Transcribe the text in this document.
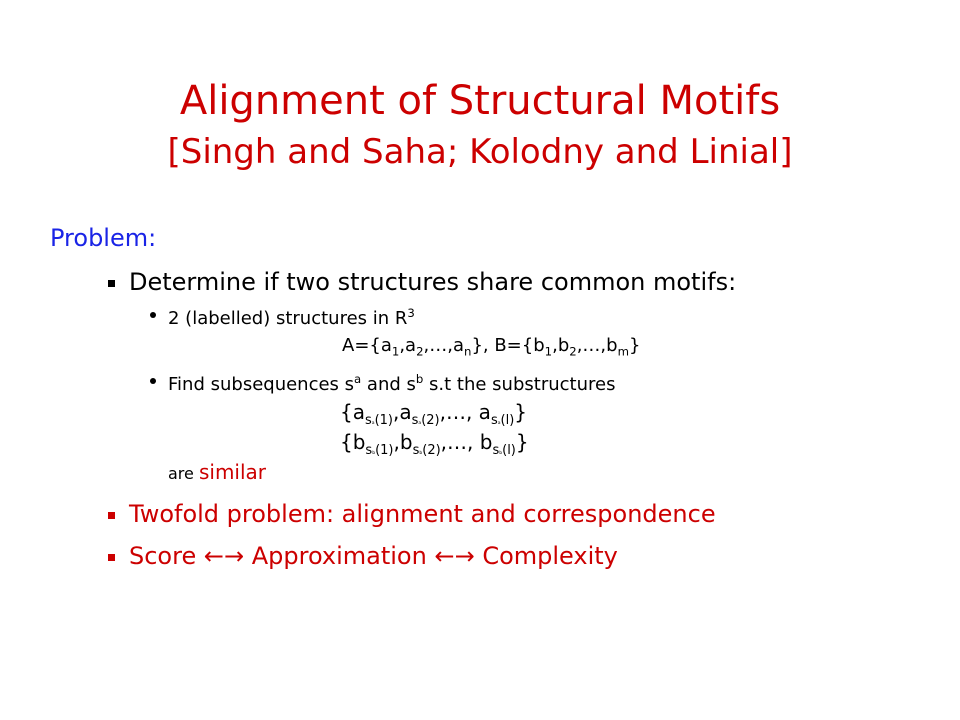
Alignment of Structural Motifs
[Singh and Saha; Kolodny and Linial]
Problem:
Determine if two structures share common motifs:
2 (labelled) structures in $R^3$
$A=\{a_1,a_2,\dots,a_n\}$, $B=\{b_1,b_2,\dots,b_m\}$
Find subsequences $s^a$ and $s^b$ s.t the substructures
{$a_{sa(1)},a_{sa(2)},\dots$, $a_{sa(l)}$}
{$b_{sb(1)},b_{sb(2)},\dots$, $b_{sb(l)}$}
are similar
Twofold problem: alignment and correspondence
Score ←→ Approximation ←→ Complexity
